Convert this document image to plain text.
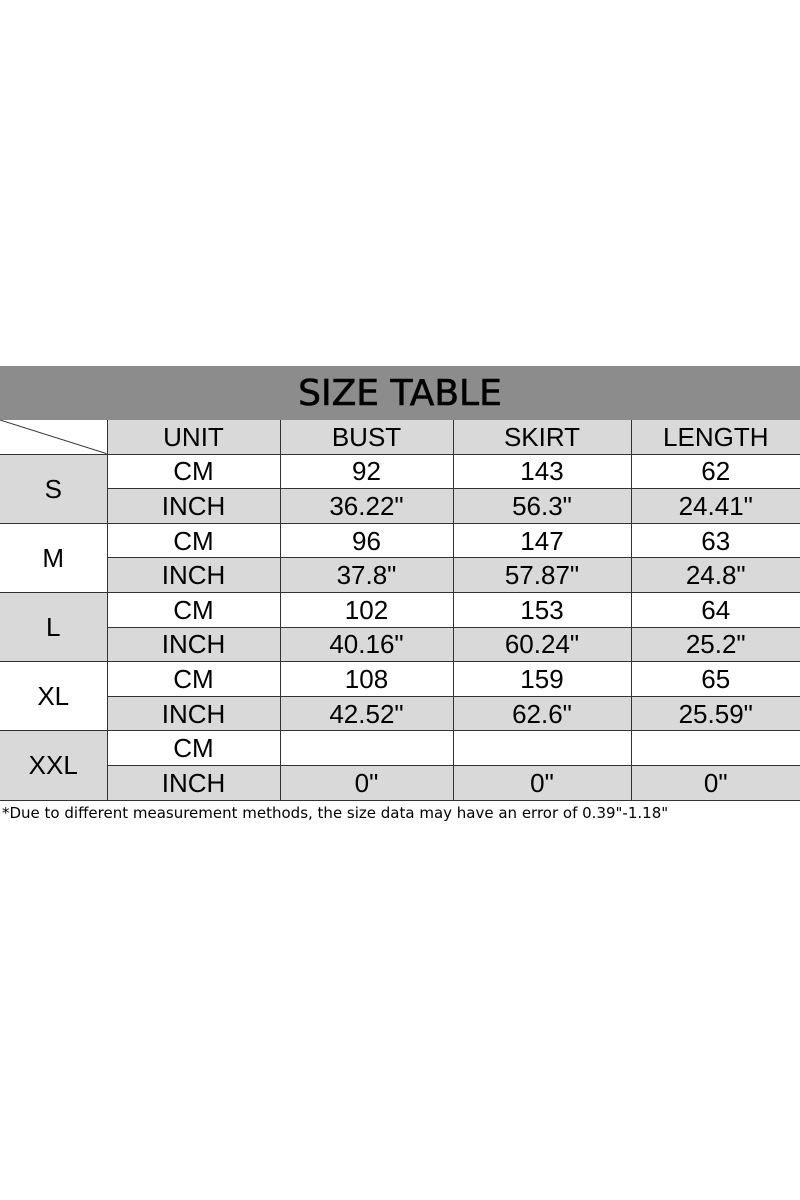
SIZE TABLE
	UNIT	BUST	SKIRT	LENGTH
S	CM	92	143	62
	INCH	36.22"	56.3"	24.41"
M	CM	96	147	63
	INCH	37.8"	57.87"	24.8"
L	CM	102	153	64
	INCH	40.16"	60.24"	25.2"
XL	CM	108	159	65
	INCH	42.52"	62.6"	25.59"
XXL	CM			
	INCH	0"	0"	0"
*Due to different measurement methods, the size data may have an error of 0.39"-1.18"
